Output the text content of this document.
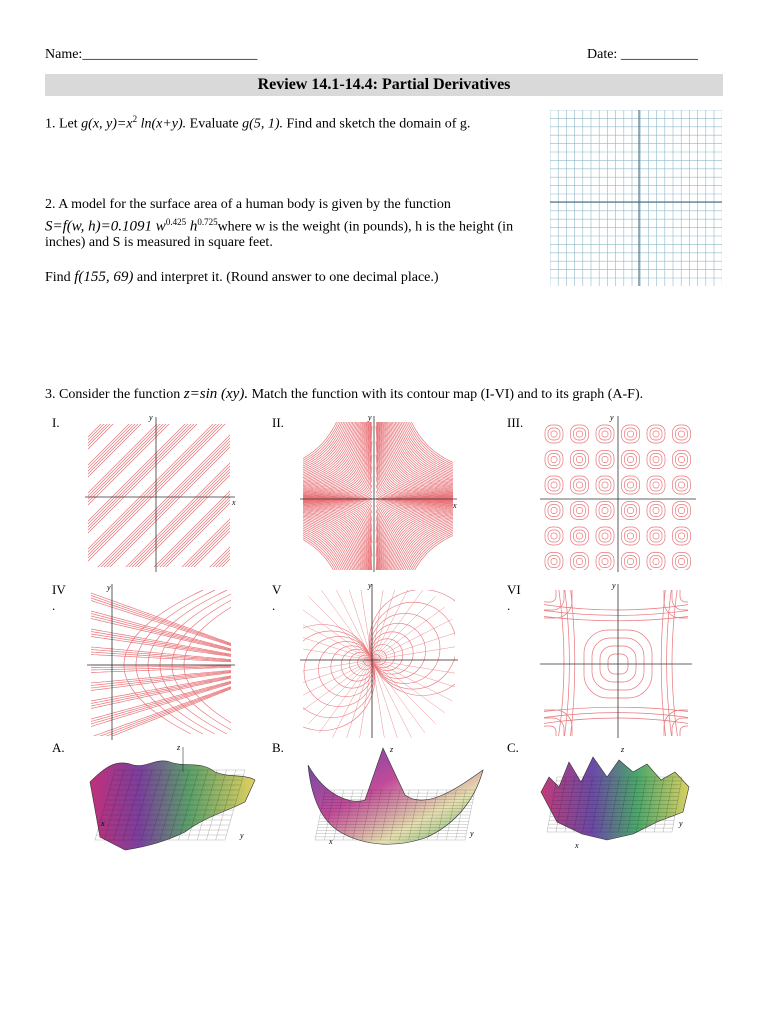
Name:_________________________	Date: ___________
Review 14.1-14.4: Partial Derivatives
1. Let g(x, $y)=x^2$ ln(x+y). Evaluate g(5, 1). Find and sketch the domain of g.
2. A model for the surface area of a human body is given by the function
S=f(w, h)=0.1091 $w^{0.425}$ $h^{0.725}where$ w is the weight (in pounds), h is the height (in
inches) and S is measured in square feet.
Find f(155, 69) and interpret it. (Round answer to one decimal place.)
3. Consider the function z=sin (xy). Match the function with its contour map (I-VI) and to its graph (A-F).
I.	II.	III.
IV
.
V
.
VI
.
x
y
x
y	y
y	y	y
A.	B.	C.
z
y
x
z
y
x
z
y
x
